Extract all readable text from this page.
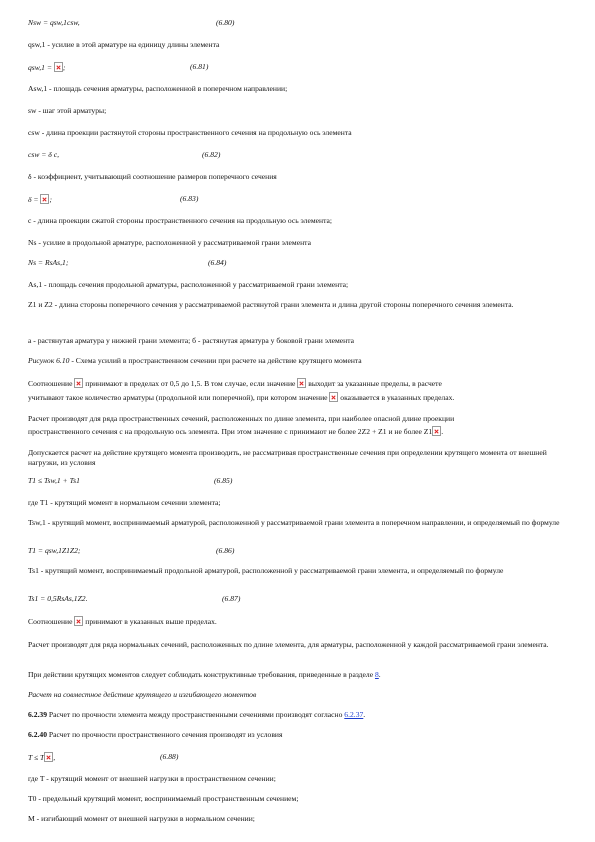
Nsw = qsw,1csw,	(6.80)
qsw,1 - усилие в этой арматуре на единицу длины элемента
qsw,1 = ;	(6.81)
Asw,1 - площадь сечения арматуры, расположенной в поперечном направлении;
sw - шаг этой арматуры;
csw - длина проекции растянутой стороны пространственного сечения на продольную ось элемента
csw = δ c,	(6.82)
δ - коэффициент, учитывающий соотношение размеров поперечного сечения
δ = ;	(6.83)
с - длина проекции сжатой стороны пространственного сечения на продольную ось элемента;
Ns - усилие в продольной арматуре, расположенной у рассматриваемой грани элемента
Ns = RsAs,1;	(6.84)
As,1 - площадь сечения продольной арматуры, расположенной у рассматриваемой грани элемента;
Z1 и Z2 - длина стороны поперечного сечения у рассматриваемой растянутой грани элемента и длина другой стороны поперечного сечения элемента.
а - растянутая арматура у нижней грани элемента; б - растянутая арматура у боковой грани элемента
Рисунок 6.10 - Схема усилий в пространственном сечении при расчете на действие крутящего момента
Соотношение  принимают в пределах от 0,5 до 1,5. В том случае, если значение  выходит за указанные пределы, в расчете
учитывают такое количество арматуры (продольной или поперечной), при котором значение  оказывается в указанных пределах.
Расчет производят для ряда пространственных сечений, расположенных по длине элемента, при наиболее опасной длине проекции
пространственного сечения с на продольную ось элемента. При этом значение с принимают не более 2Z2 + Z1 и не более Z1 .
Допускается расчет на действие крутящего момента производить, не рассматривая пространственные сечения при определении крутящего момента от внешней нагрузки, из условия
T1 ≤ Tsw,1 + Ts1	(6.85)
где T1 - крутящий момент в нормальном сечении элемента;
Tsw,1 - крутящий момент, воспринимаемый арматурой, расположенной у рассматриваемой грани элемента в поперечном направлении, и определяемый по формуле
T1 = qsw,1Z1Z2;	(6.86)
Ts1 - крутящий момент, воспринимаемый продольной арматурой, расположенной у рассматриваемой грани элемента, и определяемый по формуле
Ts1 = 0,5RsAs,1Z2.	(6.87)
Соотношение  принимают в указанных выше пределах.
Расчет производят для ряда нормальных сечений, расположенных по длине элемента, для арматуры, расположенной у каждой рассматриваемой грани элемента.
При действии крутящих моментов следует соблюдать конструктивные требования, приведенные в разделе 8.
Расчет на совместное действие крутящего и изгибающего моментов
6.2.39 Расчет по прочности элемента между пространственными сечениями производят согласно 6.2.37.
6.2.40 Расчет по прочности пространственного сечения производят из условия
T ≤ T ,	(6.88)
где T - крутящий момент от внешней нагрузки в пространственном сечении;
T0 - предельный крутящий момент, воспринимаемый пространственным сечением;
M - изгибающий момент от внешней нагрузки в нормальном сечении;
